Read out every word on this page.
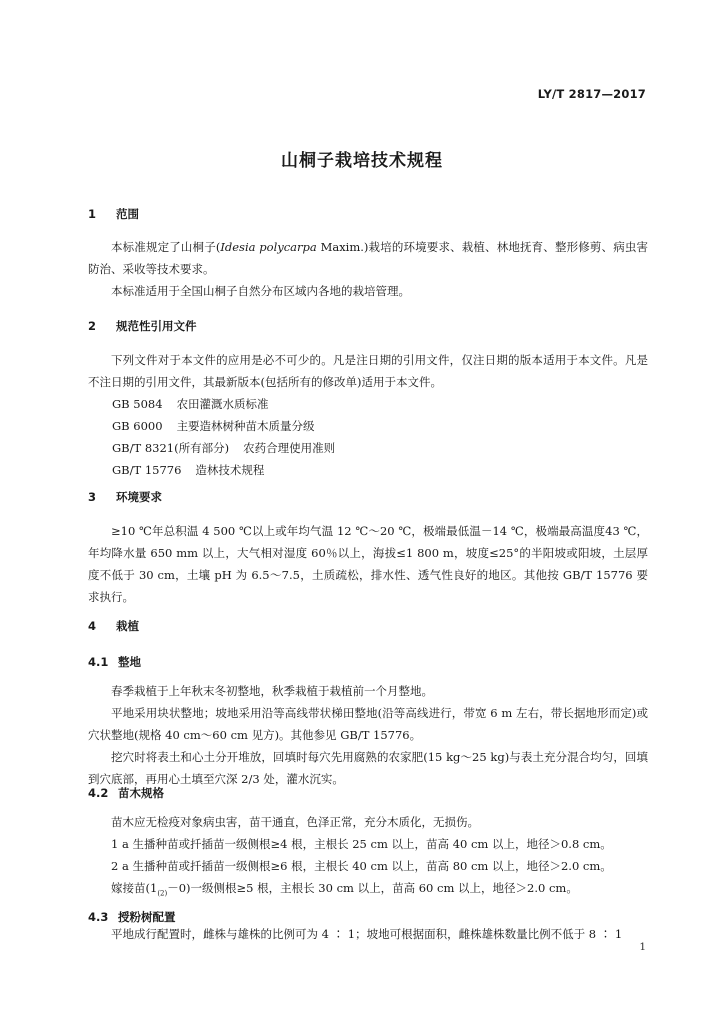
LY/T 2817—2017
山桐子栽培技术规程
1 范围

本标准规定了山桐子(Idesia polycarpa Maxim.)栽培的环境要求、栽植、林地抚育、整形修剪、病虫害防治、采收等技术要求。

本标准适用于全国山桐子自然分布区域内各地的栽培管理。

2 规范性引用文件

下列文件对于本文件的应用是必不可少的。凡是注日期的引用文件，仅注日期的版本适用于本文件。凡是不注日期的引用文件，其最新版本(包括所有的修改单)适用于本文件。

GB 5084 农田灌溉水质标准
GB 6000 主要造林树种苗木质量分级
GB/T 8321(所有部分) 农药合理使用准则
GB/T 15776 造林技术规程
3 环境要求

≥10 ℃年总积温 4 500 ℃以上或年均气温 12 ℃～20 ℃，极端最低温－14 ℃，极端最高温度43 ℃，年均降水量 650 mm 以上，大气相对湿度 60％以上，海拔≤1 800 m，坡度≤25°的半阳坡或阳坡，土层厚度不低于 30 cm，土壤 pH 为 6.5～7.5，土质疏松，排水性、透气性良好的地区。其他按 GB/T 15776 要求执行。

4 栽植
4.1 整地

春季栽植于上年秋末冬初整地，秋季栽植于栽植前一个月整地。

平地采用块状整地；坡地采用沿等高线带状梯田整地(沿等高线进行，带宽 6 m 左右，带长据地形而定)或穴状整地(规格 40 cm～60 cm 见方)。其他参见 GB/T 15776。

挖穴时将表土和心土分开堆放，回填时每穴先用腐熟的农家肥(15 kg～25 kg)与表土充分混合均匀，回填到穴底部，再用心土填至穴深 2/3 处，灌水沉实。

4.2 苗木规格

苗木应无检疫对象病虫害，苗干通直，色泽正常，充分木质化，无损伤。

1 a 生播种苗或扦插苗一级侧根≥4 根，主根长 25 cm 以上，苗高 40 cm 以上，地径＞0.8 cm。

2 a 生播种苗或扦插苗一级侧根≥6 根，主根长 40 cm 以上，苗高 80 cm 以上，地径＞2.0 cm。

嫁接苗$(1_{(2)}-0)$一级侧根≥5 根，主根长 30 cm 以上，苗高 60 cm 以上，地径＞2.0 cm。

4.3 授粉树配置

平地成行配置时，雌株与雄株的比例可为 4 ∶ 1；坡地可根据面积，雌株雄株数量比例不低于 8 ∶ 1

1
